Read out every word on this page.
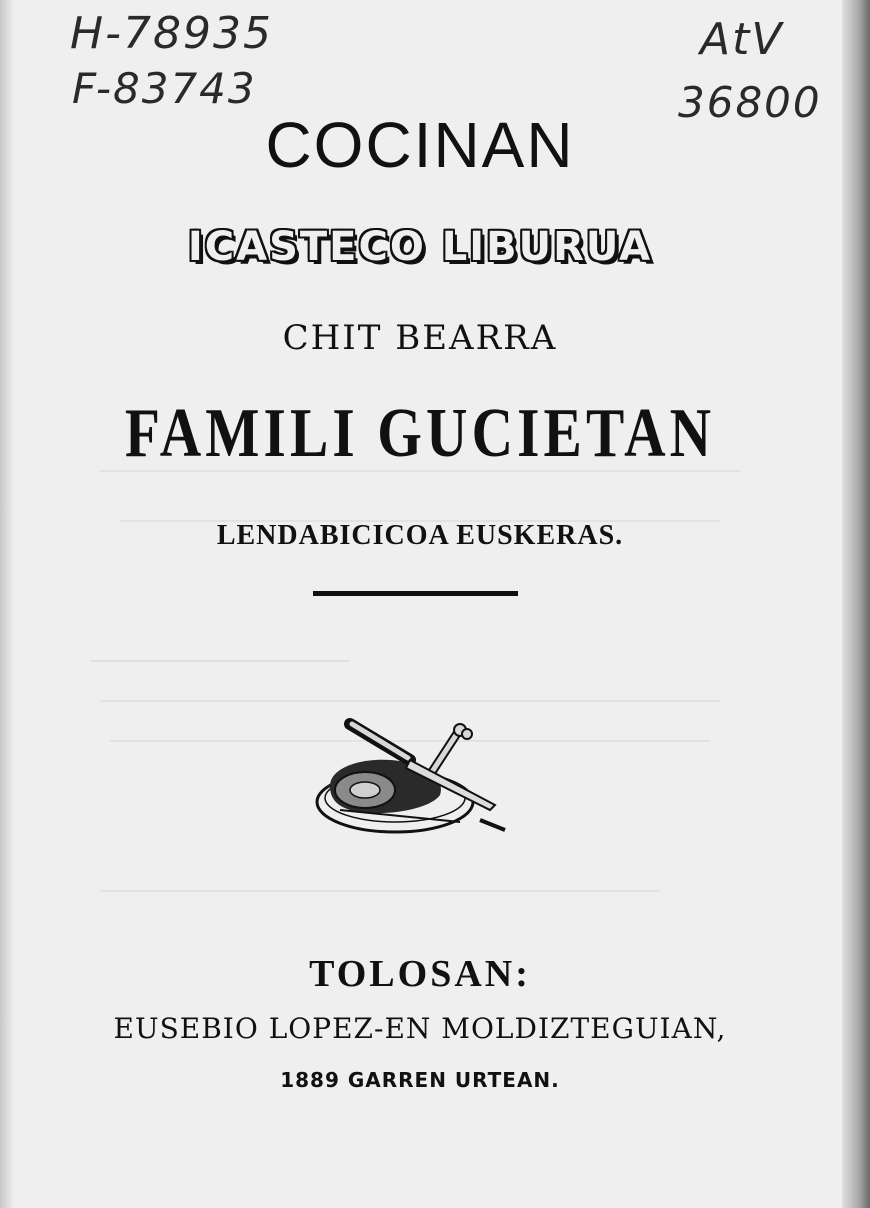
H-78935
F-83743
AtV
36800
COCINAN
ICASTECO LIBURUA
CHIT BEARRA
FAMILI GUCIETAN
LENDABICICOA EUSKERAS.
TOLOSAN:
EUSEBIO LOPEZ-EN MOLDIZTEGUIAN,
1889 GARREN URTEAN.
